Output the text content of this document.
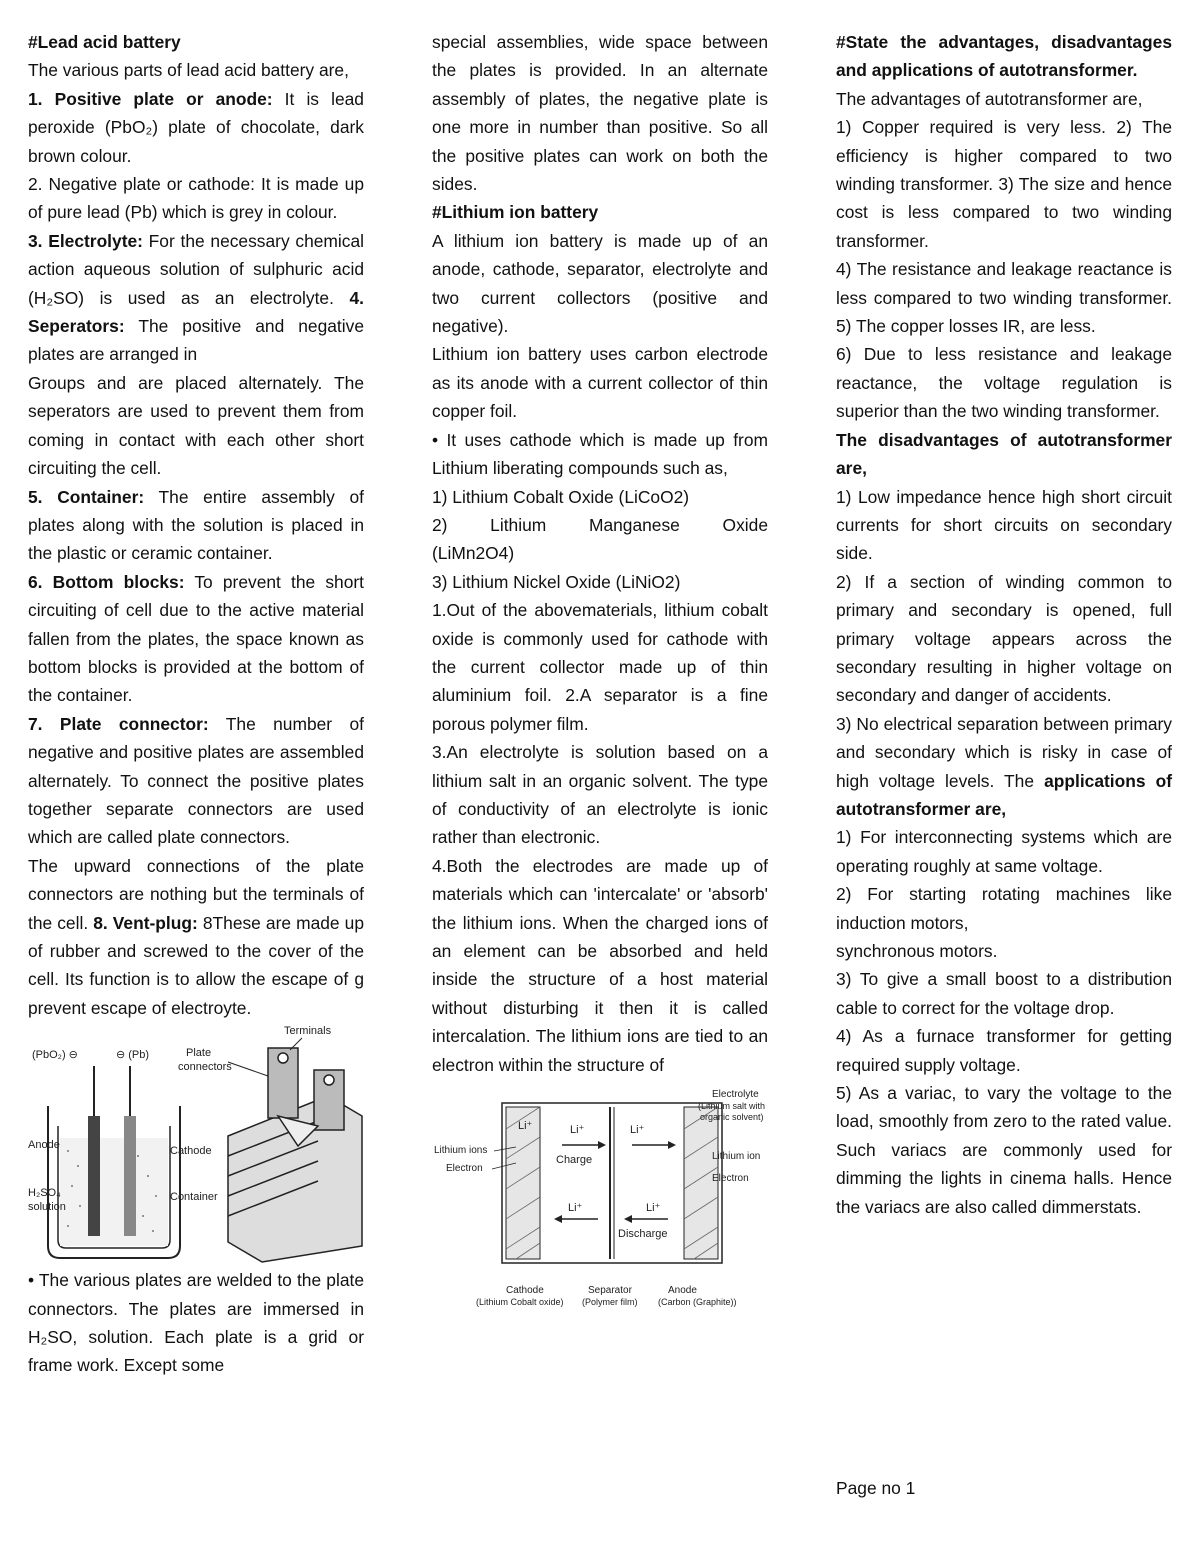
#Lead acid battery

The various parts of lead acid battery are,

1. Positive plate or anode: It is lead peroxide (PbO₂) plate of chocolate, dark brown colour.

2. Negative plate or cathode: It is made up of pure lead (Pb) which is grey in colour.

3. Electrolyte: For the necessary chemical action aqueous solution of sulphuric acid (H₂SO) is used as an electrolyte. 4. Seperators: The positive and negative plates are arranged in

Groups and are placed alternately. The seperators are used to prevent them from coming in contact with each other short circuiting the cell.

5. Container: The entire assembly of plates along with the solution is placed in the plastic or ceramic container.

6. Bottom blocks: To prevent the short circuiting of cell due to the active material fallen from the plates, the space known as bottom blocks is provided at the bottom of the container.

7. Plate connector: The number of negative and positive plates are assembled alternately. To connect the positive plates together separate connectors are used which are called plate connectors.

The upward connections of the plate connectors are nothing but the terminals of the cell. 8. Vent-plug: 8These are made up of rubber and screwed to the cover of the cell. Its function is to allow the escape of g prevent escape of electroyte.

(PbO₂) ⊖	⊖ (Pb)	Plate
connectors
Terminals
Anode	Cathode
H₂SO₄
solution
Container

• The various plates are welded to the plate connectors. The plates are immersed in H₂SO, solution. Each plate is a grid or frame work. Except some

special assemblies, wide space between the plates is provided. In an alternate assembly of plates, the negative plate is one more in number than positive. So all the positive plates can work on both the sides.

#Lithium ion battery

A lithium ion battery is made up of an anode, cathode, separator, electrolyte and two current collectors (positive and negative).

Lithium ion battery uses carbon electrode as its anode with a current collector of thin copper foil.

• It uses cathode which is made up from Lithium liberating compounds such as,

1) Lithium Cobalt Oxide (LiCoO2)

2) Lithium Manganese Oxide

(LiMn2O4)

3) Lithium Nickel Oxide (LiNiO2)

1.Out of the abovematerials, lithium cobalt oxide is commonly used for cathode with the current collector made up of thin aluminium foil. 2.A separator is a fine porous polymer film.

3.An electrolyte is solution based on a lithium salt in an organic solvent. The type of conductivity of an electrolyte is ionic rather than electronic.

4.Both the electrodes are made up of materials which can 'intercalate' or 'absorb' the lithium ions. When the charged ions of an element can be absorbed and held inside the structure of a host material without disturbing it then it is called intercalation. The lithium ions are tied to an electron within the structure of

Li⁺	Li⁺	Li⁺
Li⁺	Li⁺
Charge
Discharge
Lithium ions
Electron
Electrolyte
(Lithium salt with
organic solvent)
Lithium ion
Electron
Cathode
(Lithium Cobalt oxide)
Separator
(Polymer film)
Anode
(Carbon (Graphite))

#State the advantages, disadvantages and applications of autotransformer.

The advantages of autotransformer are,

1) Copper required is very less. 2) The efficiency is higher compared to two winding transformer. 3) The size and hence cost is less compared to two winding transformer.

4) The resistance and leakage reactance is less compared to two winding transformer. 5) The copper losses IR, are less.

6) Due to less resistance and leakage reactance, the voltage regulation is superior than the two winding transformer.

The disadvantages of autotransformer are,

1) Low impedance hence high short circuit currents for short circuits on secondary side.

2) If a section of winding common to primary and secondary is opened, full primary voltage appears across the secondary resulting in higher voltage on secondary and danger of accidents.

3) No electrical separation between primary and secondary which is risky in case of high voltage levels. The applications of autotransformer are,

1) For interconnecting systems which are operating roughly at same voltage.

2) For starting rotating machines like induction motors,

synchronous motors.

3) To give a small boost to a distribution cable to correct for the voltage drop.

4) As a furnace transformer for getting required supply voltage.

5) As a variac, to vary the voltage to the load, smoothly from zero to the rated value. Such variacs are commonly used for dimming the lights in cinema halls. Hence the variacs are also called dimmerstats.

Page no 1
